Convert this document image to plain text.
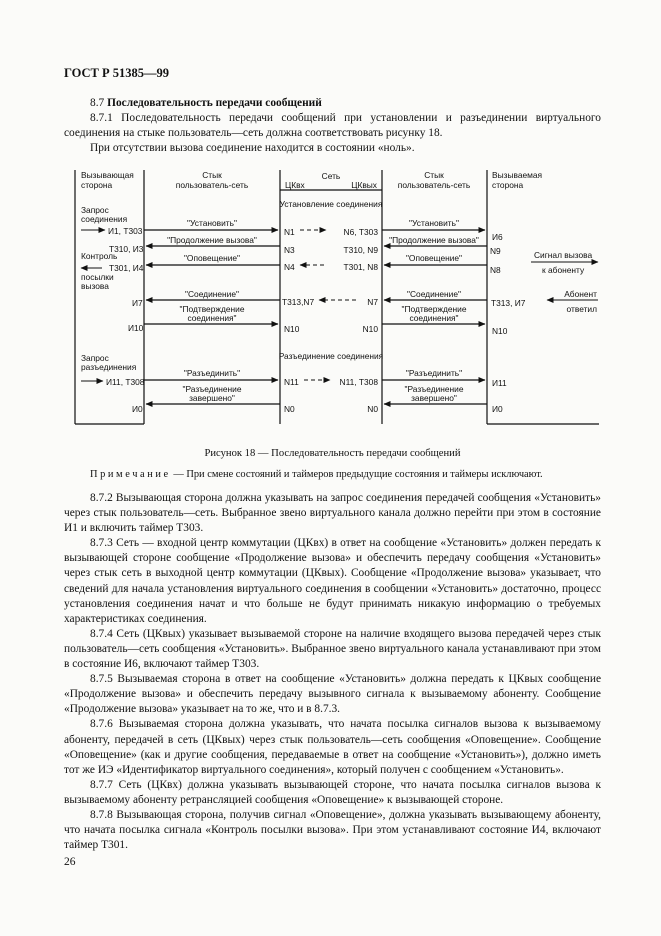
ГОСТ Р 51385—99

8.7 Последовательность передачи сообщений

8.7.1 Последовательность передачи сообщений при установлении и разъединении виртуального соединения на стыке пользователь—сеть должна соответствовать рисунку 18.

При отсутствии вызова соединение находится в состоянии «ноль».

Вызывающая
сторона
Стык
пользователь-сеть
Сеть
ЦКвх	ЦКвых
Стык
пользователь-сеть
Вызываемая
сторона
Установление соединения
Разъединение соединения
Запрос
соединения
И1, Т303
Т310, И3
Контроль
посылки
вызова
Т301, И4
И7
И10
Запрос
разъединения
И11, Т308
И0
"Установить"
"Продолжение вызова"
"Оповещение"
"Соединение"
"Подтверждение
соединения"
"Разъединить"
"Разъединение
завершено"
"Установить"
"Продолжение вызова"
"Оповещение"
"Соединение"
"Подтверждение
соединения"
"Разъединить"
"Разъединение
завершено"
N1	N6, Т303
N3	Т310, N9
N4	Т301, N8
Т313,N7	N7
N10	N10
N11	N11, Т308
N0	N0
И6
N9
N8
Сигнал вызова
к абоненту
Т313, И7
Абонент
ответил
N10
И11
И0
Рисунок 18 — Последовательность передачи сообщений
Примечание — При смене состояний и таймеров предыдущие состояния и таймеры исключают.

8.7.2 Вызывающая сторона должна указывать на запрос соединения передачей сообщения «Установить» через стык пользователь—сеть. Выбранное звено виртуального канала должно перейти при этом в состояние И1 и включить таймер Т303.

8.7.3 Сеть — входной центр коммутации (ЦКвх) в ответ на сообщение «Установить» должен передать к вызывающей стороне сообщение «Продолжение вызова» и обеспечить передачу сообщения «Установить» через стык сеть в выходной центр коммутации (ЦКвых). Сообщение «Продолжение вызова» указывает, что сведений для начала установления виртуального соединения в сообщении «Установить» достаточно, процесс установления соединения начат и что больше не будут принимать никакую информацию о требуемых характеристиках соединения.

8.7.4 Сеть (ЦКвых) указывает вызываемой стороне на наличие входящего вызова передачей через стык пользователь—сеть сообщения «Установить». Выбранное звено виртуального канала устанавливают при этом в состояние И6, включают таймер Т303.

8.7.5 Вызываемая сторона в ответ на сообщение «Установить» должна передать к ЦКвых сообщение «Продолжение вызова» и обеспечить передачу вызывного сигнала к вызываемому абоненту. Сообщение «Продолжение вызова» указывает на то же, что и в 8.7.3.

8.7.6 Вызываемая сторона должна указывать, что начата посылка сигналов вызова к вызываемому абоненту, передачей в сеть (ЦКвых) через стык пользователь—сеть сообщения «Оповещение». Сообщение «Оповещение» (как и другие сообщения, передаваемые в ответ на сообщение «Установить»), должно иметь тот же ИЭ «Идентификатор виртуального соединения», который получен с сообщением «Установить».

8.7.7 Сеть (ЦКвх) должна указывать вызывающей стороне, что начата посылка сигналов вызова к вызываемому абоненту ретрансляцией сообщения «Оповещение» к вызывающей стороне.

8.7.8 Вызывающая сторона, получив сигнал «Оповещение», должна указывать вызывающему абоненту, что начата посылка сигнала «Контроль посылки вызова». При этом устанавливают состояние И4, включают таймер Т301.

26
